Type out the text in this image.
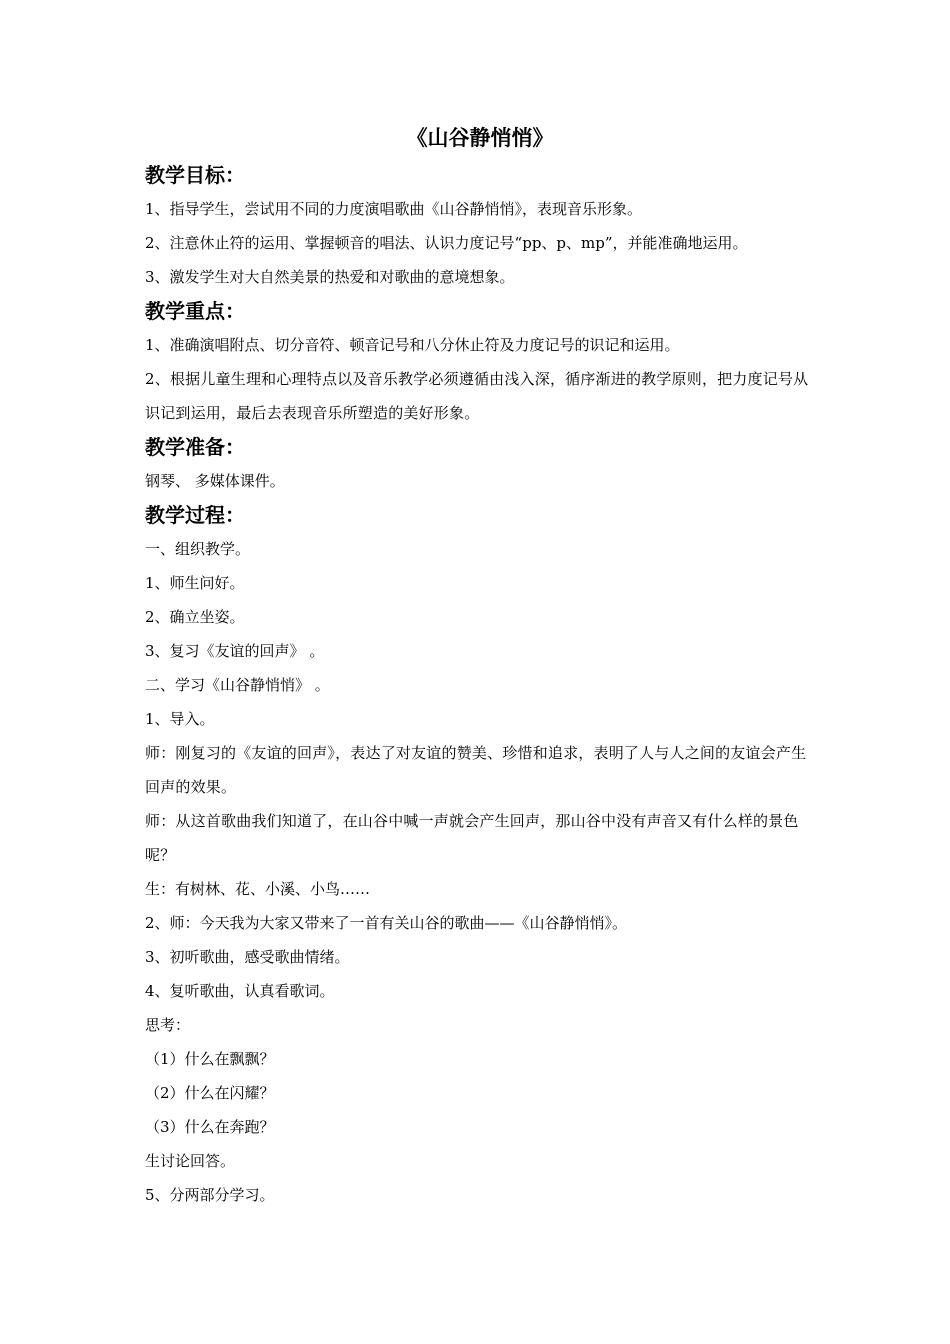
《山谷静悄悄》
教学目标：

1、指导学生，尝试用不同的力度演唱歌曲《山谷静悄悄》，表现音乐形象。

2、注意休止符的运用、掌握顿音的唱法、认识力度记号“pp、p、mp”，并能准确地运用。

3、激发学生对大自然美景的热爱和对歌曲的意境想象。

教学重点：

1、准确演唱附点、切分音符、顿音记号和八分休止符及力度记号的识记和运用。

2、根据儿童生理和心理特点以及音乐教学必须遵循由浅入深，循序渐进的教学原则，把力度记号从识记到运用，最后去表现音乐所塑造的美好形象。

教学准备：

钢琴、 多媒体课件。

教学过程：

一、组织教学。

1、师生问好。

2、确立坐姿。

3、复习《友谊的回声》 。

二、学习《山谷静悄悄》 。

1、导入。

师：刚复习的《友谊的回声》，表达了对友谊的赞美、珍惜和追求，表明了人与人之间的友谊会产生回声的效果。

师：从这首歌曲我们知道了，在山谷中喊一声就会产生回声，那山谷中没有声音又有什么样的景色呢？

生：有树林、花、小溪、小鸟……

2、师：今天我为大家又带来了一首有关山谷的歌曲——《山谷静悄悄》。

3、初听歌曲，感受歌曲情绪。

4、复听歌曲，认真看歌词。

思考：

（1）什么在飘飘？

（2）什么在闪耀？

（3）什么在奔跑？

生讨论回答。

5、分两部分学习。
